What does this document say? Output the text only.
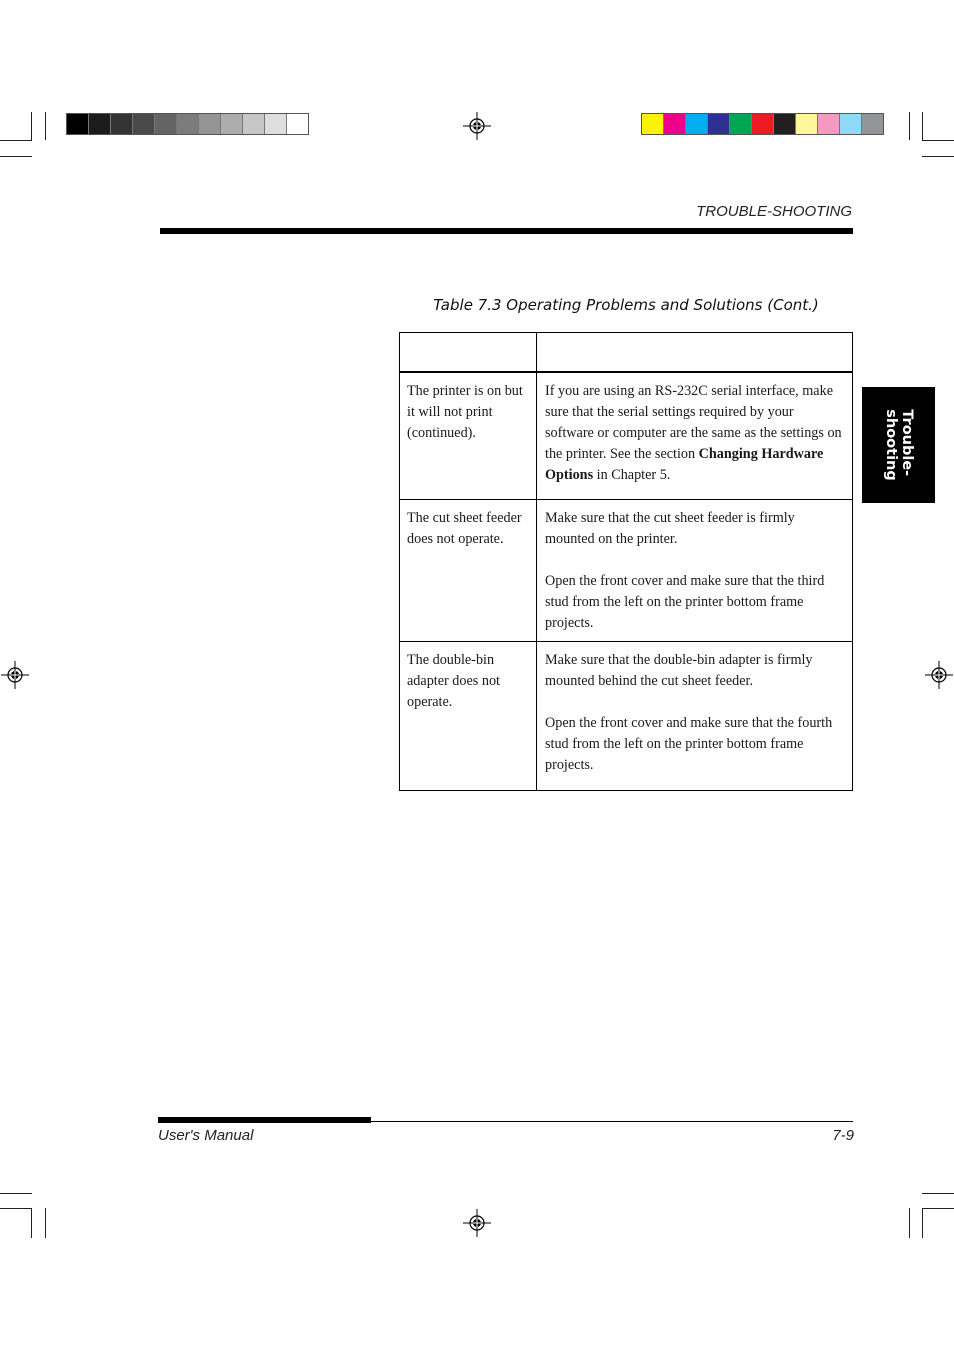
TROUBLE-SHOOTING
Table 7.3 Operating Problems and Solutions (Cont.)

The printer is on but it will not print (continued).	If you are using an RS-232C serial interface, make sure that the serial settings required by your software or computer are the same as the settings on the printer. See the section Changing Hardware Options in Chapter 5.
The cut sheet feeder does not operate.	Make sure that the cut sheet feeder is firmly mounted on the printer.

Open the front cover and make sure that the third stud from the left on the printer bottom frame projects.

The double-bin adapter does not operate.	Make sure that the double-bin adapter is firmly mounted behind the cut sheet feeder.

Open the front cover and make sure that the fourth stud from the left on the printer bottom frame projects.

Trouble-
shooting
User's Manual	7-9
